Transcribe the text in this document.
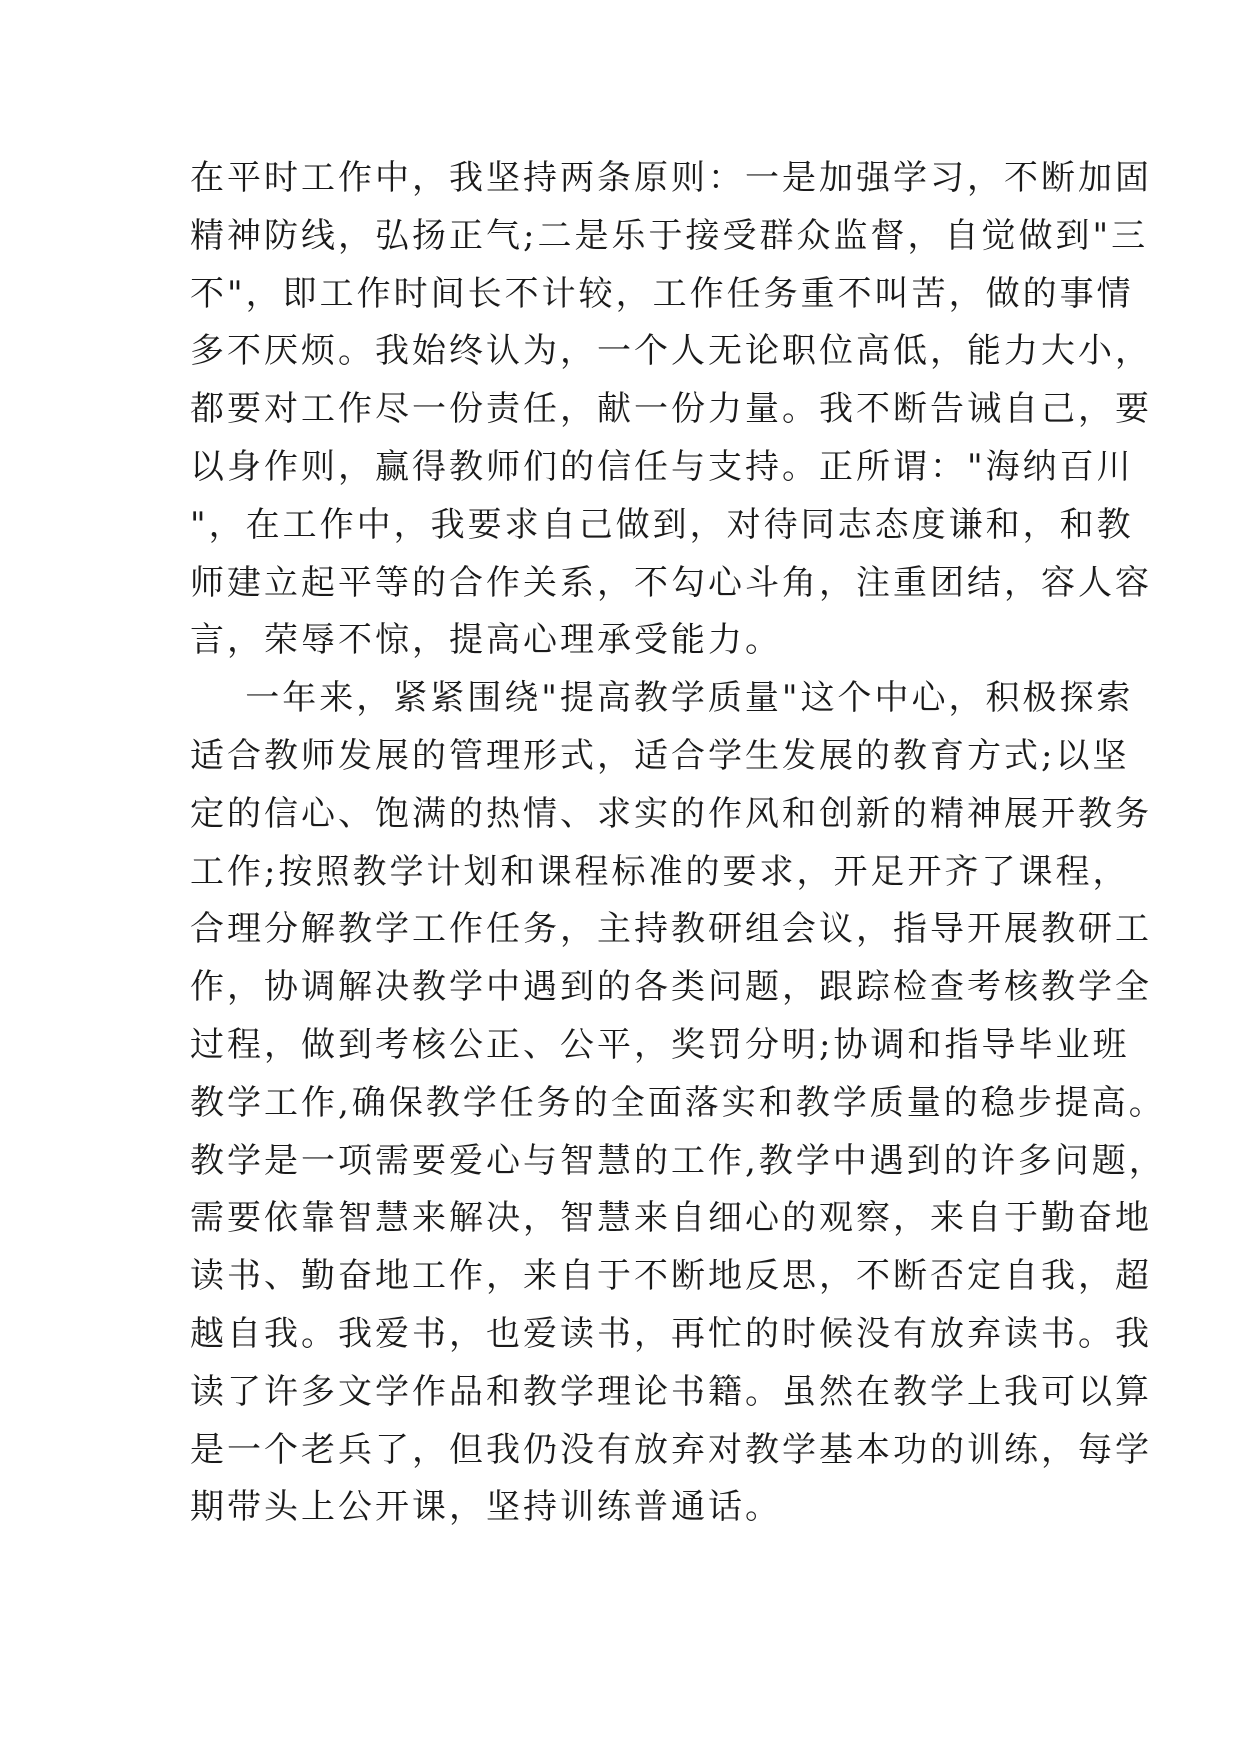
在平时工作中，我坚持两条原则：一是加强学习，不断加固
精神防线，弘扬正气;二是乐于接受群众监督，自觉做到"三
不"，即工作时间长不计较，工作任务重不叫苦，做的事情
多不厌烦。我始终认为，一个人无论职位高低，能力大小，
都要对工作尽一份责任，献一份力量。我不断告诫自己，要
以身作则，赢得教师们的信任与支持。正所谓："海纳百川
"，在工作中，我要求自己做到，对待同志态度谦和，和教
师建立起平等的合作关系，不勾心斗角，注重团结，容人容
言，荣辱不惊，提高心理承受能力。
一年来，紧紧围绕"提高教学质量"这个中心，积极探索
适合教师发展的管理形式，适合学生发展的教育方式;以坚
定的信心、饱满的热情、求实的作风和创新的精神展开教务
工作;按照教学计划和课程标准的要求，开足开齐了课程，
合理分解教学工作任务，主持教研组会议，指导开展教研工
作，协调解决教学中遇到的各类问题，跟踪检查考核教学全
过程，做到考核公正、公平，奖罚分明;协调和指导毕业班
教学工作,确保教学任务的全面落实和教学质量的稳步提高。
教学是一项需要爱心与智慧的工作,教学中遇到的许多问题，
需要依靠智慧来解决，智慧来自细心的观察，来自于勤奋地
读书、勤奋地工作，来自于不断地反思，不断否定自我，超
越自我。我爱书，也爱读书，再忙的时候没有放弃读书。我
读了许多文学作品和教学理论书籍。虽然在教学上我可以算
是一个老兵了，但我仍没有放弃对教学基本功的训练，每学
期带头上公开课，坚持训练普通话。
